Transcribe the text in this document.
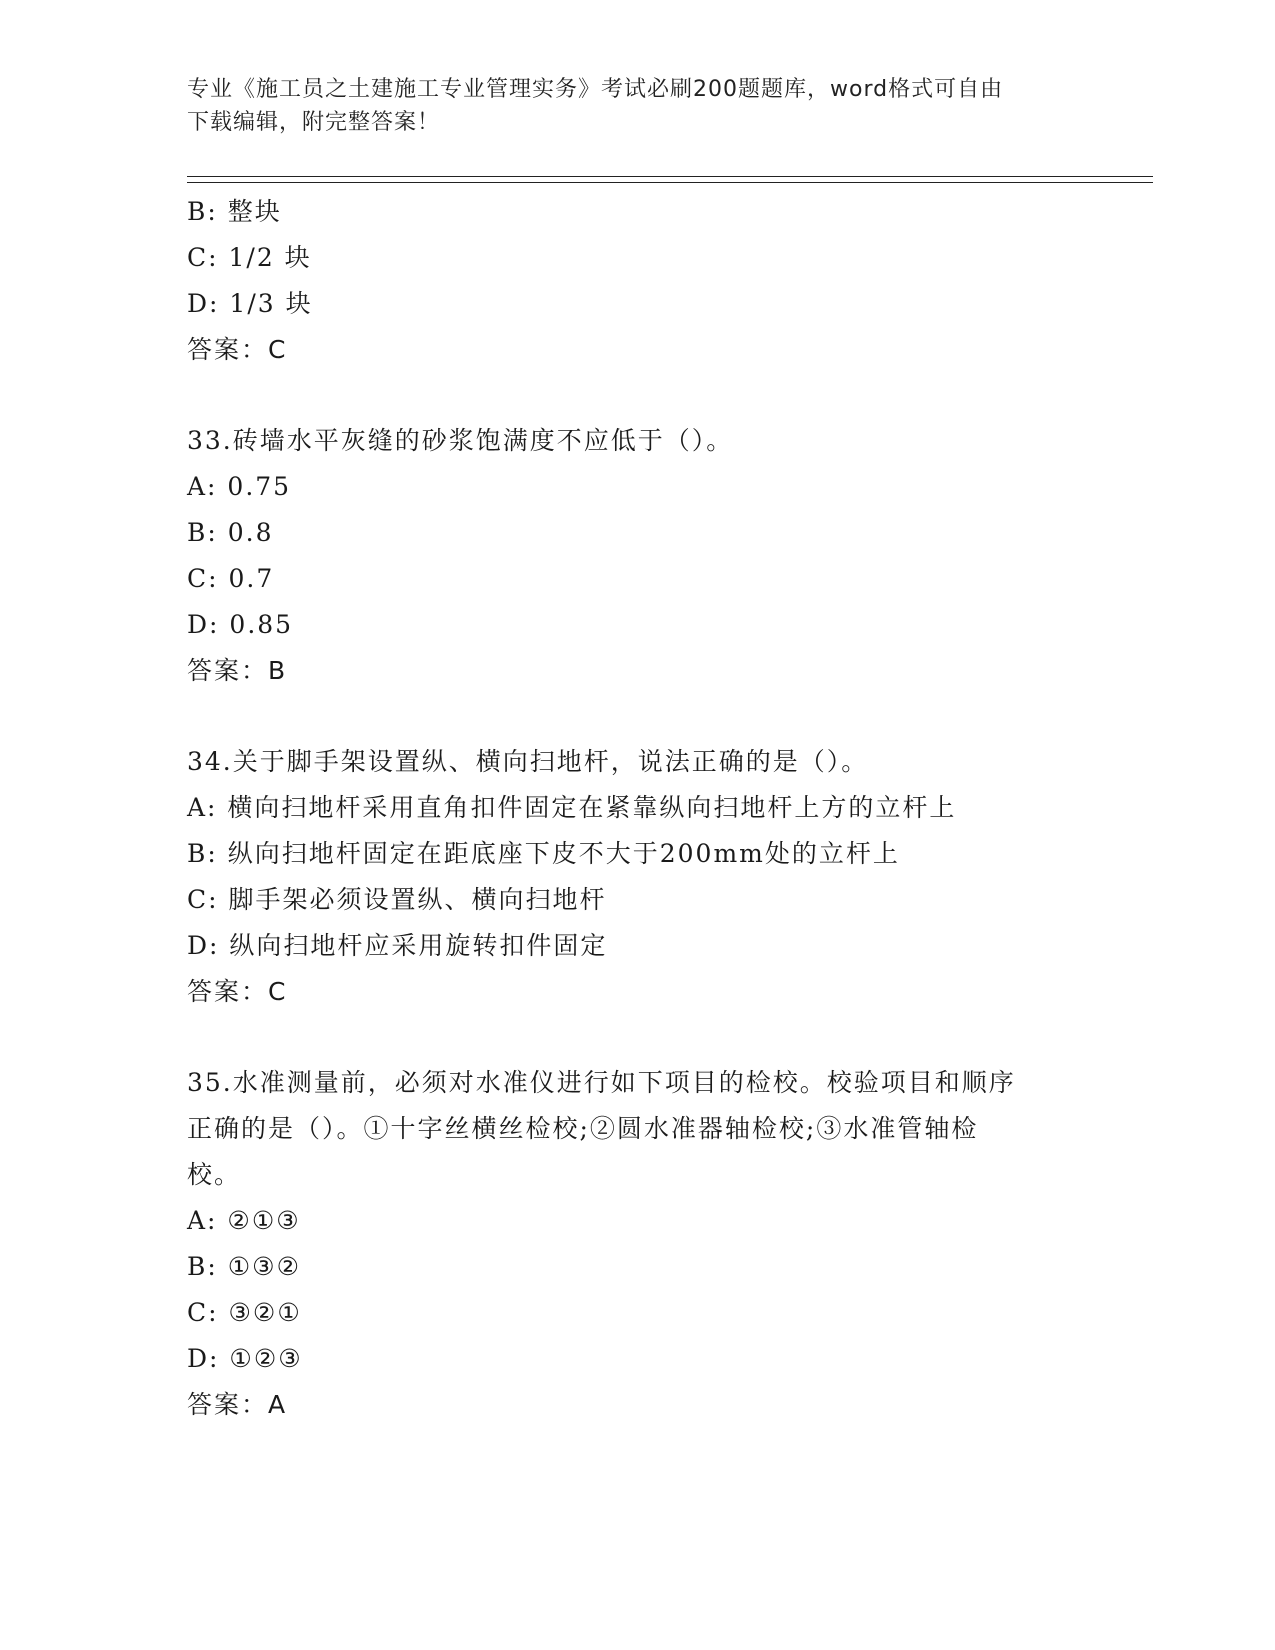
专业《施工员之土建施工专业管理实务》考试必刷200题题库，word格式可自由
下载编辑，附完整答案！
B: 整块
C: 1/2 块
D: 1/3 块
答案：C
33.砖墙水平灰缝的砂浆饱满度不应低于（）。
A: 0.75
B: 0.8
C: 0.7
D: 0.85
答案：B
34.关于脚手架设置纵、横向扫地杆，说法正确的是（）。
A: 横向扫地杆采用直角扣件固定在紧靠纵向扫地杆上方的立杆上
B: 纵向扫地杆固定在距底座下皮不大于200mm处的立杆上
C: 脚手架必须设置纵、横向扫地杆
D: 纵向扫地杆应采用旋转扣件固定
答案：C
35.水准测量前，必须对水准仪进行如下项目的检校。校验项目和顺序
正确的是（）。①十字丝横丝检校;②圆水准器轴检校;③水准管轴检
校。
A: ②①③
B: ①③②
C: ③②①
D: ①②③
答案：A
